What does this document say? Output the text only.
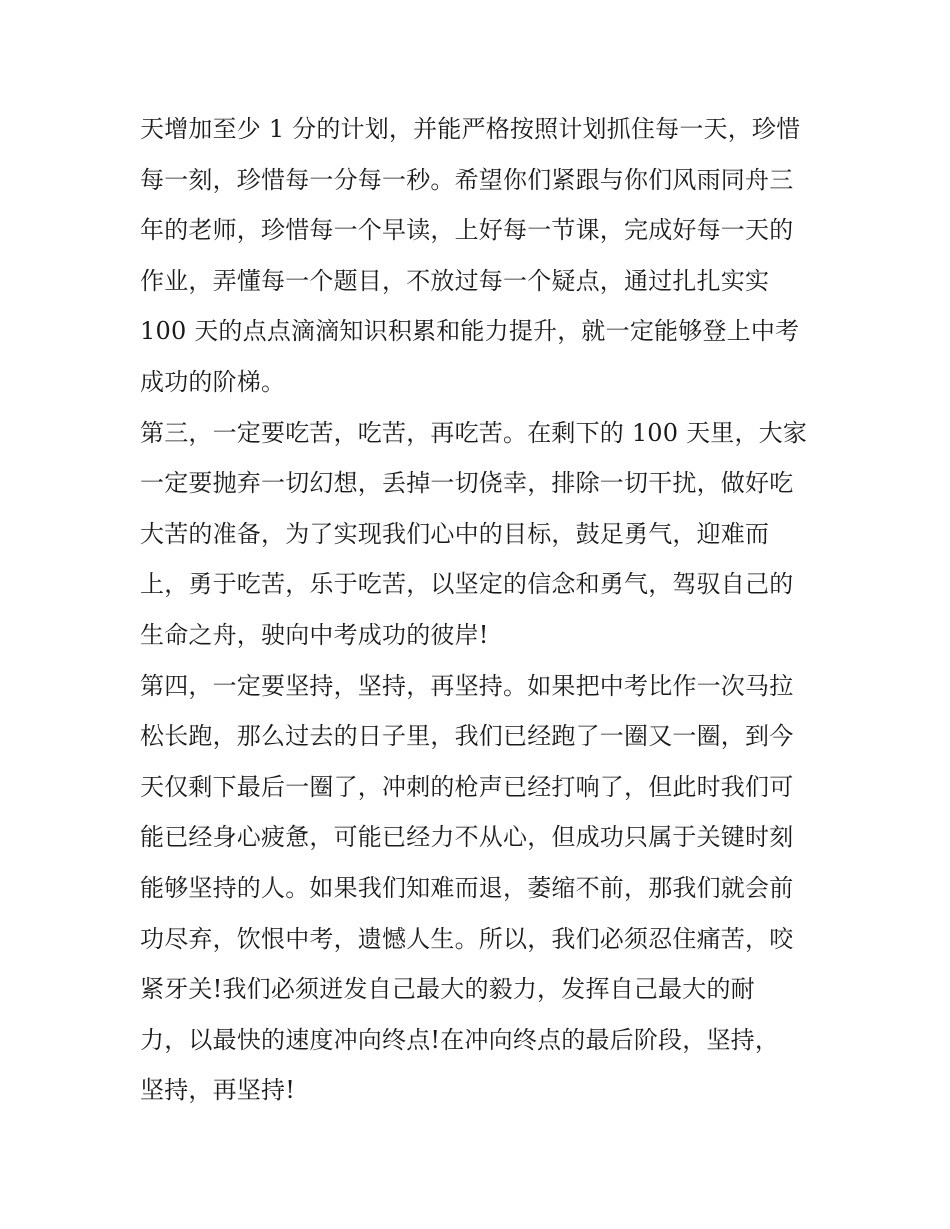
天增加至少 1 分的计划，并能严格按照计划抓住每一天，珍惜
每一刻，珍惜每一分每一秒。希望你们紧跟与你们风雨同舟三
年的老师，珍惜每一个早读，上好每一节课，完成好每一天的
作业，弄懂每一个题目，不放过每一个疑点，通过扎扎实实
100 天的点点滴滴知识积累和能力提升，就一定能够登上中考
成功的阶梯。
第三，一定要吃苦，吃苦，再吃苦。在剩下的 100 天里，大家
一定要抛弃一切幻想，丢掉一切侥幸，排除一切干扰，做好吃
大苦的准备，为了实现我们心中的目标，鼓足勇气，迎难而
上，勇于吃苦，乐于吃苦，以坚定的信念和勇气，驾驭自己的
生命之舟，驶向中考成功的彼岸!
第四，一定要坚持，坚持，再坚持。如果把中考比作一次马拉
松长跑，那么过去的日子里，我们已经跑了一圈又一圈，到今
天仅剩下最后一圈了，冲刺的枪声已经打响了，但此时我们可
能已经身心疲惫，可能已经力不从心，但成功只属于关键时刻
能够坚持的人。如果我们知难而退，萎缩不前，那我们就会前
功尽弃，饮恨中考，遗憾人生。所以，我们必须忍住痛苦，咬
紧牙关!我们必须迸发自己最大的毅力，发挥自己最大的耐
力，以最快的速度冲向终点!在冲向终点的最后阶段，坚持，
坚持，再坚持!
